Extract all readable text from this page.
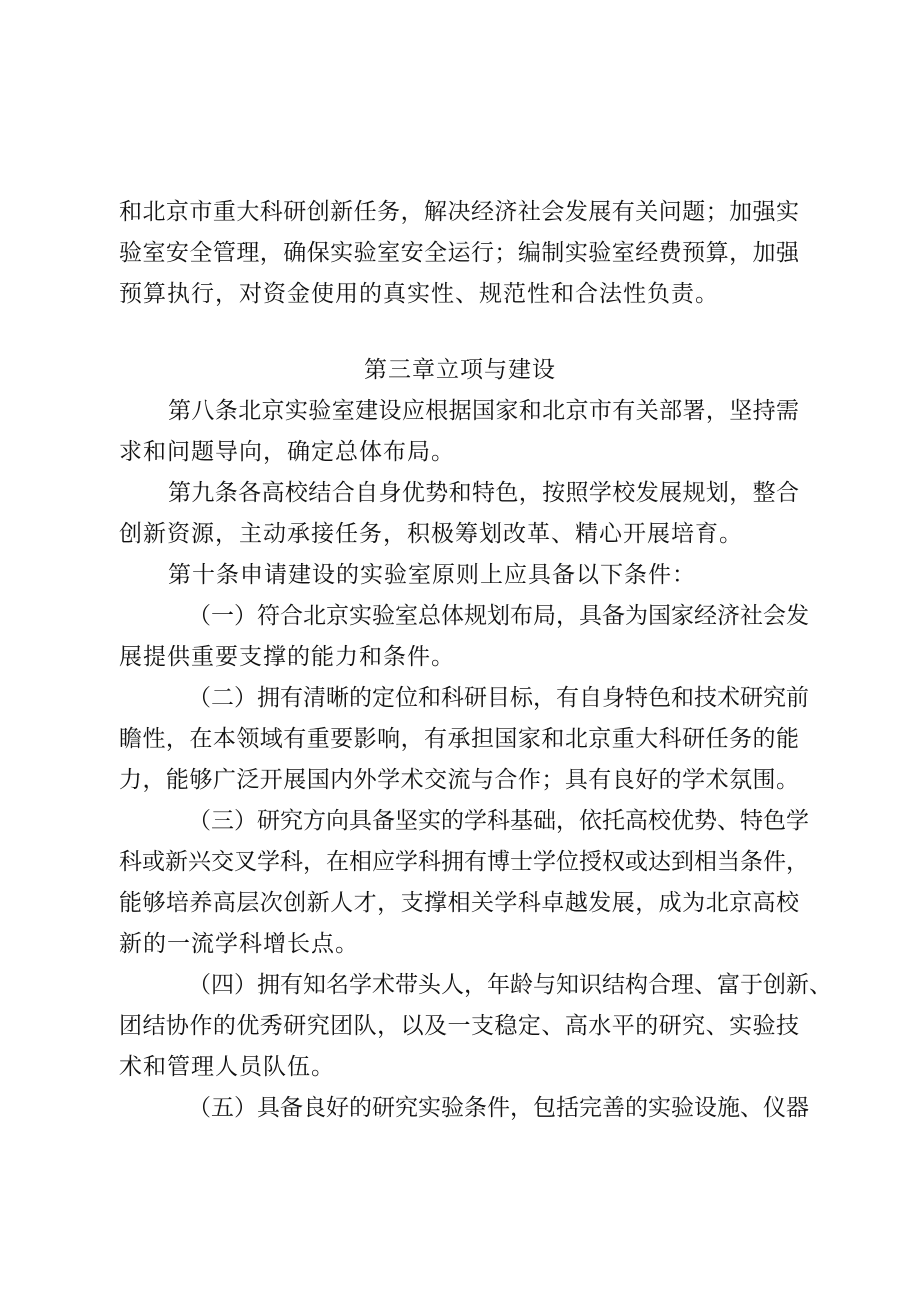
和北京市重大科研创新任务，解决经济社会发展有关问题；加强实
验室安全管理，确保实验室安全运行；编制实验室经费预算，加强
预算执行，对资金使用的真实性、规范性和合法性负责。
第三章立项与建设
第八条北京实验室建设应根据国家和北京市有关部署，坚持需
求和问题导向，确定总体布局。
第九条各高校结合自身优势和特色，按照学校发展规划，整合
创新资源，主动承接任务，积极筹划改革、精心开展培育。
第十条申请建设的实验室原则上应具备以下条件：
（一）符合北京实验室总体规划布局，具备为国家经济社会发
展提供重要支撑的能力和条件。
（二）拥有清晰的定位和科研目标，有自身特色和技术研究前
瞻性，在本领域有重要影响，有承担国家和北京重大科研任务的能
力，能够广泛开展国内外学术交流与合作；具有良好的学术氛围。
（三）研究方向具备坚实的学科基础，依托高校优势、特色学
科或新兴交叉学科，在相应学科拥有博士学位授权或达到相当条件，
能够培养高层次创新人才，支撑相关学科卓越发展，成为北京高校
新的一流学科增长点。
（四）拥有知名学术带头人，年龄与知识结构合理、富于创新、
团结协作的优秀研究团队，以及一支稳定、高水平的研究、实验技
术和管理人员队伍。
（五）具备良好的研究实验条件，包括完善的实验设施、仪器
